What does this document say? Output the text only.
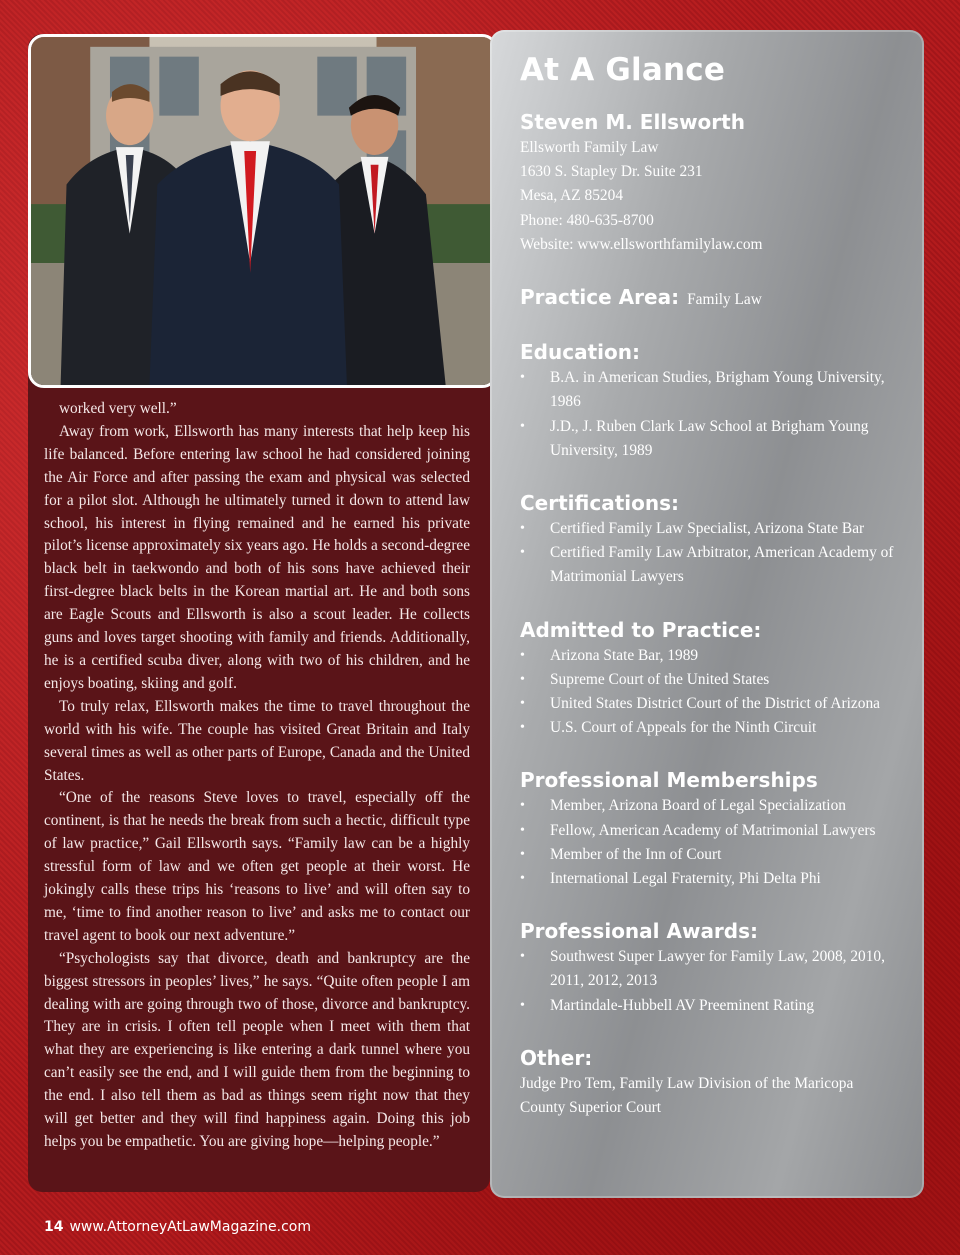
worked very well.”

Away from work, Ellsworth has many interests that help keep his life balanced. Before entering law school he had considered joining the Air Force and after passing the exam and physical was selected for a pilot slot. Although he ultimately turned it down to attend law school, his interest in flying remained and he earned his private pilot’s license approximately six years ago. He holds a second-degree black belt in taekwondo and both of his sons have achieved their first-degree black belts in the Korean martial art. He and both sons are Eagle Scouts and Ellsworth is also a scout leader. He collects guns and loves target shooting with family and friends. Additionally, he is a certified scuba diver, along with two of his children, and he enjoys boating, skiing and golf.

To truly relax, Ellsworth makes the time to travel throughout the world with his wife. The couple has visited Great Britain and Italy several times as well as other parts of Europe, Canada and the United States.

“One of the reasons Steve loves to travel, especially off the continent, is that he needs the break from such a hectic, difficult type of law practice,” Gail Ellsworth says. “Family law can be a highly stressful form of law and we often get people at their worst. He jokingly calls these trips his ‘reasons to live’ and will often say to me, ‘time to find another reason to live’ and asks me to contact our travel agent to book our next adventure.”

“Psychologists say that divorce, death and bankruptcy are the biggest stressors in peoples’ lives,” he says. “Quite often people I am dealing with are going through two of those, divorce and bankruptcy. They are in crisis. I often tell people when I meet with them that what they are experiencing is like entering a dark tunnel where you can’t easily see the end, and I will guide them from the beginning to the end. I also tell them as bad as things seem right now that they will get better and they will find happiness again. Doing this job helps you be empathetic. You are giving hope—helping people.”

At A Glance
Steven M. Ellsworth
Ellsworth Family Law
1630 S. Stapley Dr. Suite 231
Mesa, AZ 85204
Phone: 480-635-8700
Website: www.ellsworthfamilylaw.com
Practice Area: Family Law
Education:
• B.A. in American Studies, Brigham Young University, 1986
• J.D., J. Ruben Clark Law School at Brigham Young University, 1989
Certifications:
• Certified Family Law Specialist, Arizona State Bar
• Certified Family Law Arbitrator, American Academy of Matrimonial Lawyers
Admitted to Practice:
• Arizona State Bar, 1989
• Supreme Court of the United States
• United States District Court of the District of Arizona
• U.S. Court of Appeals for the Ninth Circuit
Professional Memberships
• Member, Arizona Board of Legal Specialization
• Fellow, American Academy of Matrimonial Lawyers
• Member of the Inn of Court
• International Legal Fraternity, Phi Delta Phi
Professional Awards:
• Southwest Super Lawyer for Family Law, 2008, 2010, 2011, 2012, 2013
• Martindale-Hubbell AV Preeminent Rating
Other:
Judge Pro Tem, Family Law Division of the Maricopa County Superior Court
14 www.AttorneyAtLawMagazine.com
